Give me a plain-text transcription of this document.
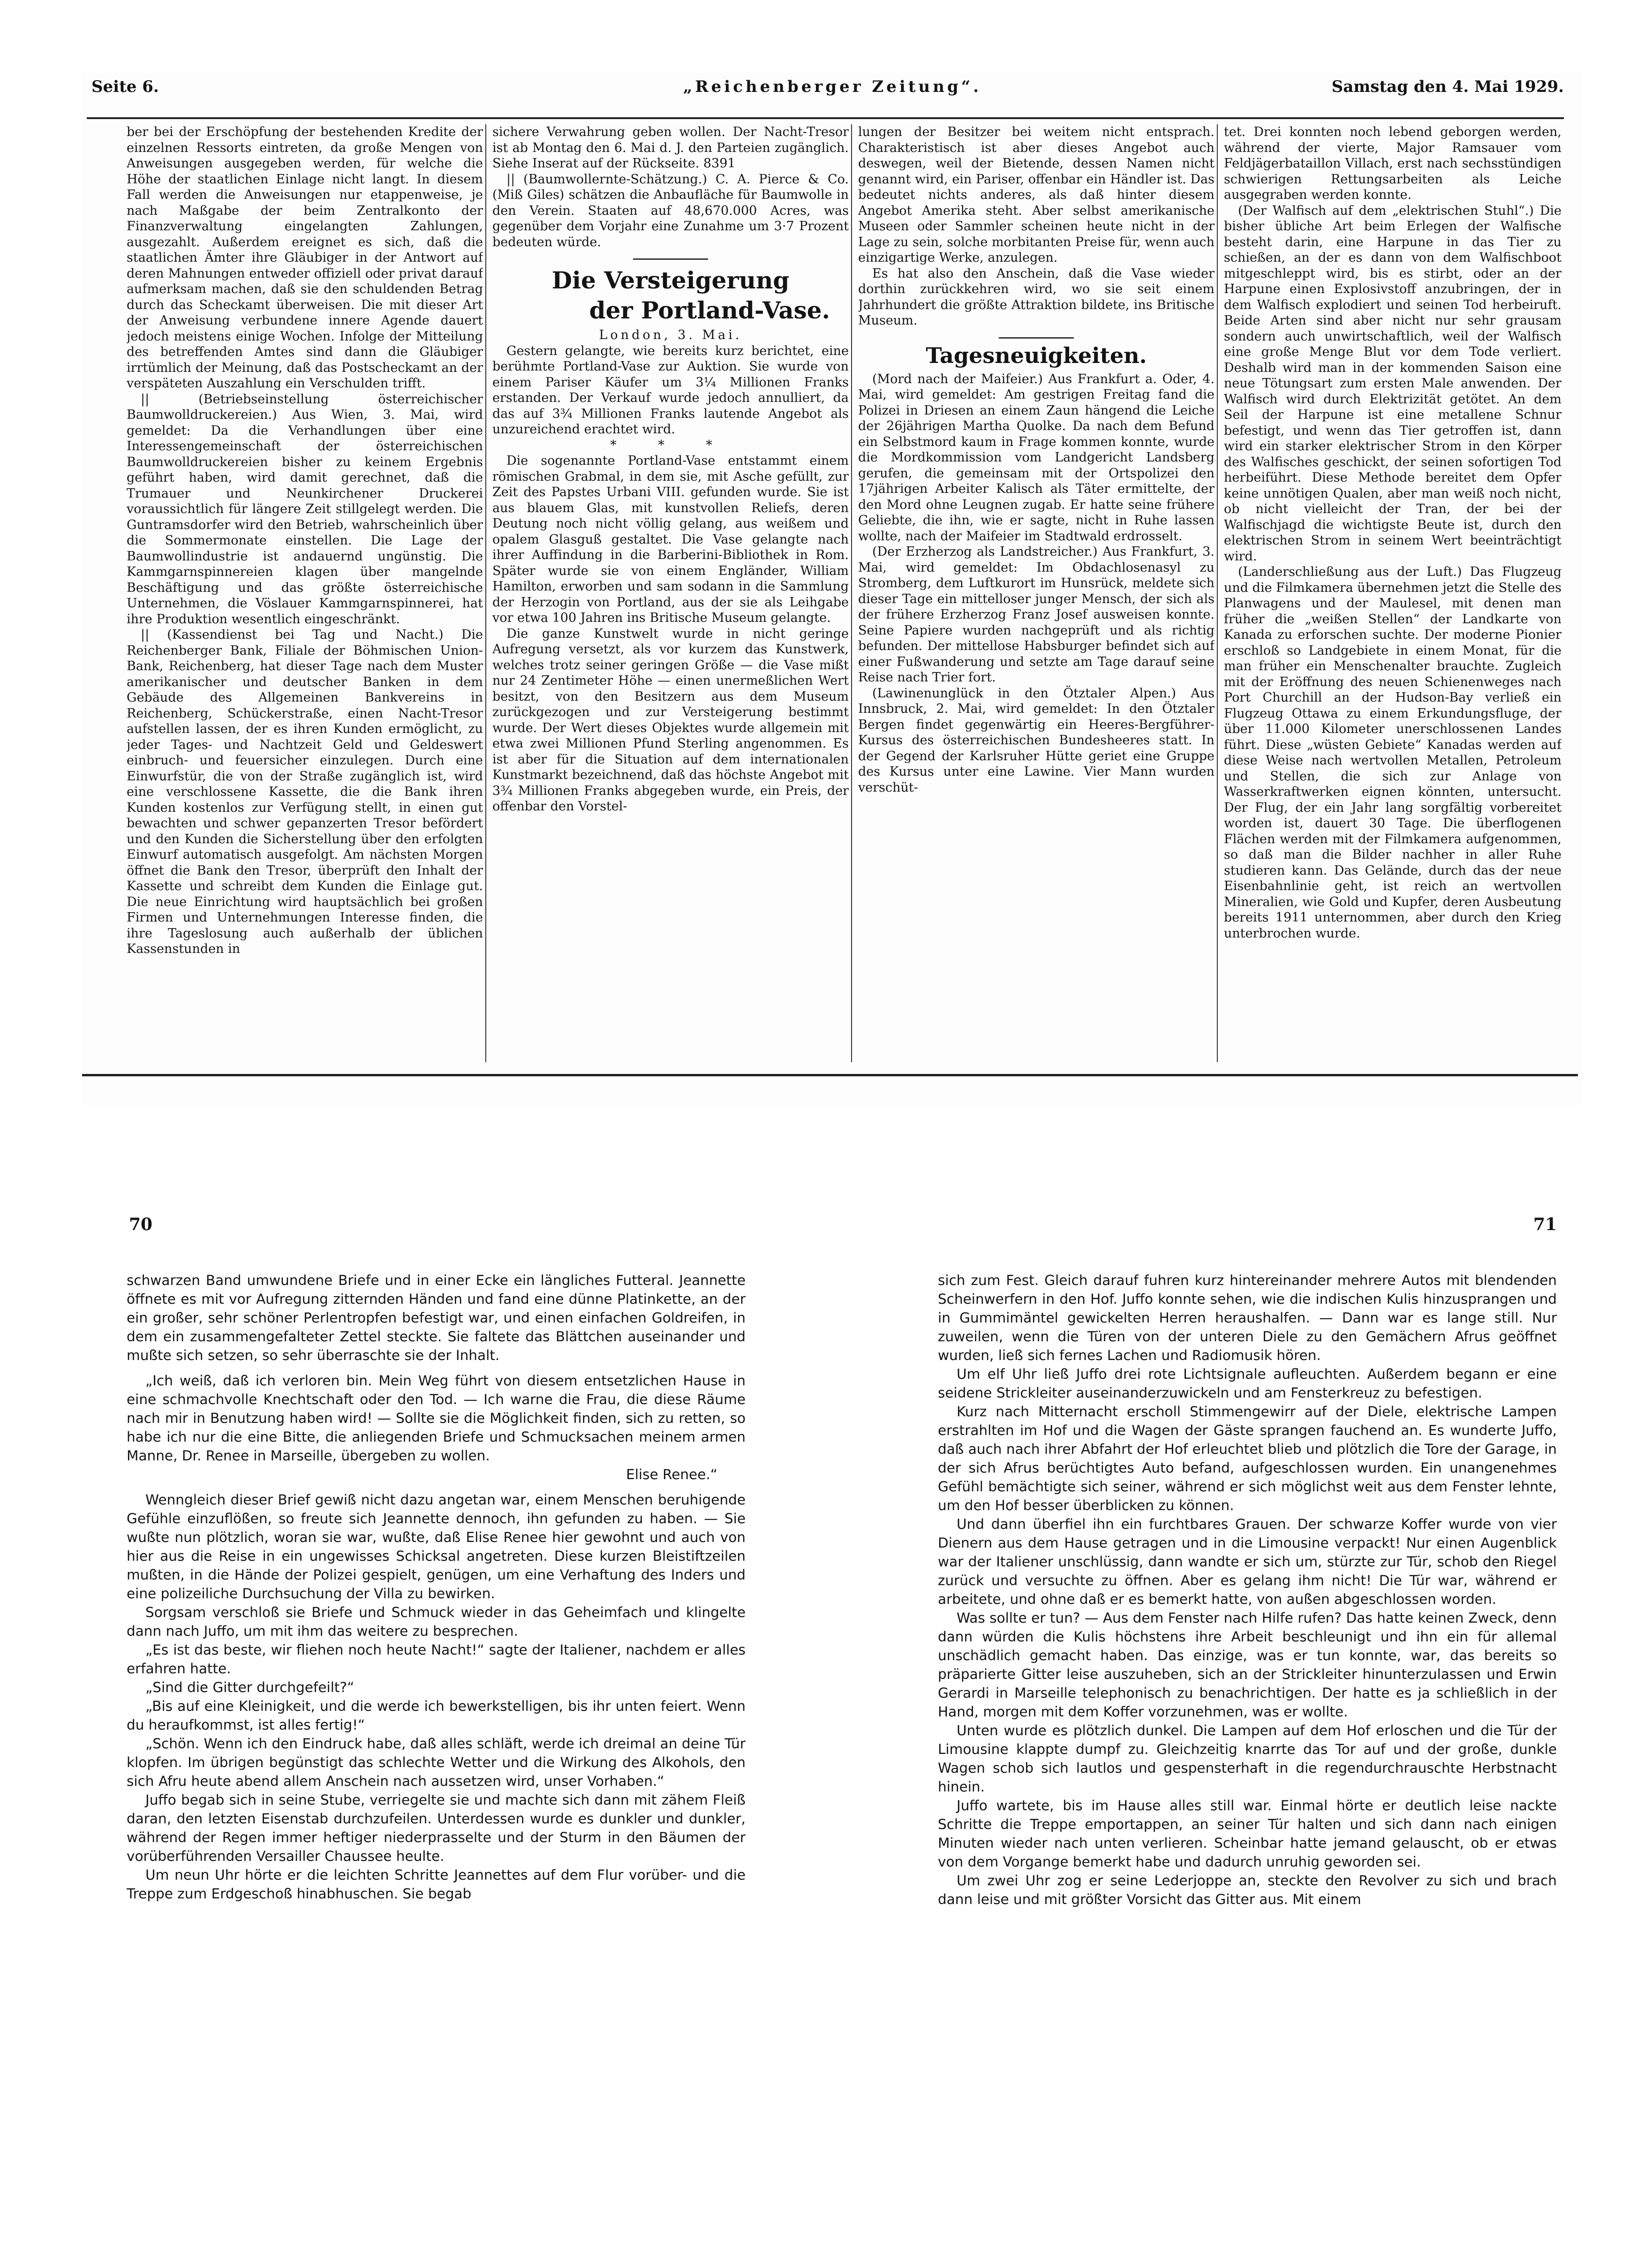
Seite 6.	„Reichenberger Zeitung“.	Samstag den 4. Mai 1929.

ber bei der Erschöpfung der bestehenden Kredite der einzelnen Ressorts eintreten, da große Mengen von Anweisungen ausgegeben werden, für welche die Höhe der staatlichen Einlage nicht langt. In diesem Fall werden die Anweisungen nur etappenweise, je nach Maßgabe der beim Zentralkonto der Finanzverwaltung eingelangten Zahlungen, ausgezahlt. Außerdem ereignet es sich, daß die staatlichen Ämter ihre Gläubiger in der Antwort auf deren Mahnungen entweder offiziell oder privat darauf aufmerksam machen, daß sie den schuldenden Betrag durch das Scheckamt überweisen. Die mit dieser Art der Anweisung verbundene innere Agende dauert jedoch meistens einige Wochen. Infolge der Mitteilung des betreffenden Amtes sind dann die Gläubiger irrtümlich der Meinung, daß das Postscheckamt an der verspäteten Auszahlung ein Verschulden trifft.

|| (Betriebseinstellung österreichischer Baumwolldruckereien.) Aus Wien, 3. Mai, wird gemeldet: Da die Verhandlungen über eine Interessengemeinschaft der österreichischen Baumwolldruckereien bisher zu keinem Ergebnis geführt haben, wird damit gerechnet, daß die Trumauer und Neunkirchener Druckerei voraussichtlich für längere Zeit stillgelegt werden. Die Guntramsdorfer wird den Betrieb, wahrscheinlich über die Sommermonate einstellen. Die Lage der Baumwollindustrie ist andauernd ungünstig. Die Kammgarnspinnereien klagen über mangelnde Beschäftigung und das größte österreichische Unternehmen, die Vöslauer Kammgarnspinnerei, hat ihre Produktion wesentlich eingeschränkt.

|| (Kassendienst bei Tag und Nacht.) Die Reichenberger Bank, Filiale der Böhmischen Union-Bank, Reichenberg, hat dieser Tage nach dem Muster amerikanischer und deutscher Banken in dem Gebäude des Allgemeinen Bankvereins in Reichenberg, Schückerstraße, einen Nacht-Tresor aufstellen lassen, der es ihren Kunden ermöglicht, zu jeder Tages- und Nachtzeit Geld und Geldeswert einbruch- und feuersicher einzulegen. Durch eine Einwurfstür, die von der Straße zugänglich ist, wird eine verschlossene Kassette, die die Bank ihren Kunden kostenlos zur Verfügung stellt, in einen gut bewachten und schwer gepanzerten Tresor befördert und den Kunden die Sicherstellung über den erfolgten Einwurf automatisch ausgefolgt. Am nächsten Morgen öffnet die Bank den Tresor, überprüft den Inhalt der Kassette und schreibt dem Kunden die Einlage gut. Die neue Einrichtung wird hauptsächlich bei großen Firmen und Unternehmungen Interesse finden, die ihre Tageslosung auch außerhalb der üblichen Kassenstunden in

sichere Verwahrung geben wollen. Der Nacht-Tresor ist ab Montag den 6. Mai d. J. den Parteien zugänglich. Siehe Inserat auf der Rückseite. 8391

|| (Baumwollernte-Schätzung.) C. A. Pierce & Co. (Miß Giles) schätzen die Anbaufläche für Baumwolle in den Verein. Staaten auf 48,670.000 Acres, was gegenüber dem Vorjahr eine Zunahme um 3·7 Prozent bedeuten würde.

Die Versteigerung
der Portland-Vase.

London, 3. Mai.

Gestern gelangte, wie bereits kurz berichtet, eine berühmte Portland-Vase zur Auktion. Sie wurde von einem Pariser Käufer um 3¼ Millionen Franks erstanden. Der Verkauf wurde jedoch annulliert, da das auf 3¾ Millionen Franks lautende Angebot als unzureichend erachtet wird.

* * *

Die sogenannte Portland-Vase entstammt einem römischen Grabmal, in dem sie, mit Asche gefüllt, zur Zeit des Papstes Urbani VIII. gefunden wurde. Sie ist aus blauem Glas, mit kunstvollen Reliefs, deren Deutung noch nicht völlig gelang, aus weißem und opalem Glasguß gestaltet. Die Vase gelangte nach ihrer Auffindung in die Barberini-Bibliothek in Rom. Später wurde sie von einem Engländer, William Hamilton, erworben und sam sodann in die Sammlung der Herzogin von Portland, aus der sie als Leihgabe vor etwa 100 Jahren ins Britische Museum gelangte.

Die ganze Kunstwelt wurde in nicht geringe Aufregung versetzt, als vor kurzem das Kunstwerk, welches trotz seiner geringen Größe — die Vase mißt nur 24 Zentimeter Höhe — einen unermeßlichen Wert besitzt, von den Besitzern aus dem Museum zurückgezogen und zur Versteigerung bestimmt wurde. Der Wert dieses Objektes wurde allgemein mit etwa zwei Millionen Pfund Sterling angenommen. Es ist aber für die Situation auf dem internationalen Kunstmarkt bezeichnend, daß das höchste Angebot mit 3¾ Millionen Franks abgegeben wurde, ein Preis, der offenbar den Vorstel-

lungen der Besitzer bei weitem nicht entsprach. Charakteristisch ist aber dieses Angebot auch deswegen, weil der Bietende, dessen Namen nicht genannt wird, ein Pariser, offenbar ein Händler ist. Das bedeutet nichts anderes, als daß hinter diesem Angebot Amerika steht. Aber selbst amerikanische Museen oder Sammler scheinen heute nicht in der Lage zu sein, solche morbitanten Preise für, wenn auch einzigartige Werke, anzulegen.

Es hat also den Anschein, daß die Vase wieder dorthin zurückkehren wird, wo sie seit einem Jahrhundert die größte Attraktion bildete, ins Britische Museum.

Tagesneuigkeiten.

(Mord nach der Maifeier.) Aus Frankfurt a. Oder, 4. Mai, wird gemeldet: Am gestrigen Freitag fand die Polizei in Driesen an einem Zaun hängend die Leiche der 26jährigen Martha Quolke. Da nach dem Befund ein Selbstmord kaum in Frage kommen konnte, wurde die Mordkommission vom Landgericht Landsberg gerufen, die gemeinsam mit der Ortspolizei den 17jährigen Arbeiter Kalisch als Täter ermittelte, der den Mord ohne Leugnen zugab. Er hatte seine frühere Geliebte, die ihn, wie er sagte, nicht in Ruhe lassen wollte, nach der Maifeier im Stadtwald erdrosselt.

(Der Erzherzog als Landstreicher.) Aus Frankfurt, 3. Mai, wird gemeldet: Im Obdachlosenasyl zu Stromberg, dem Luftkurort im Hunsrück, meldete sich dieser Tage ein mittelloser junger Mensch, der sich als der frühere Erzherzog Franz Josef ausweisen konnte. Seine Papiere wurden nachgeprüft und als richtig befunden. Der mittellose Habsburger befindet sich auf einer Fußwanderung und setzte am Tage darauf seine Reise nach Trier fort.

(Lawinenunglück in den Ötztaler Alpen.) Aus Innsbruck, 2. Mai, wird gemeldet: In den Ötztaler Bergen findet gegenwärtig ein Heeres-Bergführer-Kursus des österreichischen Bundesheeres statt. In der Gegend der Karlsruher Hütte geriet eine Gruppe des Kursus unter eine Lawine. Vier Mann wurden verschüt-

tet. Drei konnten noch lebend geborgen werden, während der vierte, Major Ramsauer vom Feldjägerbataillon Villach, erst nach sechsstündigen schwierigen Rettungsarbeiten als Leiche ausgegraben werden konnte.

(Der Walfisch auf dem „elektrischen Stuhl“.) Die bisher übliche Art beim Erlegen der Walfische besteht darin, eine Harpune in das Tier zu schießen, an der es dann von dem Walfischboot mitgeschleppt wird, bis es stirbt, oder an der Harpune einen Explosivstoff anzubringen, der in dem Walfisch explodiert und seinen Tod herbeiruft. Beide Arten sind aber nicht nur sehr grausam sondern auch unwirtschaftlich, weil der Walfisch eine große Menge Blut vor dem Tode verliert. Deshalb wird man in der kommenden Saison eine neue Tötungsart zum ersten Male anwenden. Der Walfisch wird durch Elektrizität getötet. An dem Seil der Harpune ist eine metallene Schnur befestigt, und wenn das Tier getroffen ist, dann wird ein starker elektrischer Strom in den Körper des Walfisches geschickt, der seinen sofortigen Tod herbeiführt. Diese Methode bereitet dem Opfer keine unnötigen Qualen, aber man weiß noch nicht, ob nicht vielleicht der Tran, der bei der Walfischjagd die wichtigste Beute ist, durch den elektrischen Strom in seinem Wert beeinträchtigt wird.

(Landerschließung aus der Luft.) Das Flugzeug und die Filmkamera übernehmen jetzt die Stelle des Planwagens und der Maulesel, mit denen man früher die „weißen Stellen“ der Landkarte von Kanada zu erforschen suchte. Der moderne Pionier erschloß so Landgebiete in einem Monat, für die man früher ein Menschenalter brauchte. Zugleich mit der Eröffnung des neuen Schienenweges nach Port Churchill an der Hudson-Bay verließ ein Flugzeug Ottawa zu einem Erkundungsfluge, der über 11.000 Kilometer unerschlossenen Landes führt. Diese „wüsten Gebiete“ Kanadas werden auf diese Weise nach wertvollen Metallen, Petroleum und Stellen, die sich zur Anlage von Wasserkraftwerken eignen könnten, untersucht. Der Flug, der ein Jahr lang sorgfältig vorbereitet worden ist, dauert 30 Tage. Die überflogenen Flächen werden mit der Filmkamera aufgenommen, so daß man die Bilder nachher in aller Ruhe studieren kann. Das Gelände, durch das der neue Eisenbahnlinie geht, ist reich an wertvollen Mineralien, wie Gold und Kupfer, deren Ausbeutung bereits 1911 unternommen, aber durch den Krieg unterbrochen wurde.

70	71

schwarzen Band umwundene Briefe und in einer Ecke ein längliches Futteral. Jeannette öffnete es mit vor Aufregung zitternden Händen und fand eine dünne Platinkette, an der ein großer, sehr schöner Perlentropfen befestigt war, und einen einfachen Goldreifen, in dem ein zusammengefalteter Zettel steckte. Sie faltete das Blättchen auseinander und mußte sich setzen, so sehr überraschte sie der Inhalt.

„Ich weiß, daß ich verloren bin. Mein Weg führt von diesem entsetzlichen Hause in eine schmachvolle Knechtschaft oder den Tod. — Ich warne die Frau, die diese Räume nach mir in Benutzung haben wird! — Sollte sie die Möglichkeit finden, sich zu retten, so habe ich nur die eine Bitte, die anliegenden Briefe und Schmucksachen meinem armen Manne, Dr. Renee in Marseille, übergeben zu wollen.

Elise Renee.“

Wenngleich dieser Brief gewiß nicht dazu angetan war, einem Menschen beruhigende Gefühle einzuflößen, so freute sich Jeannette dennoch, ihn gefunden zu haben. — Sie wußte nun plötzlich, woran sie war, wußte, daß Elise Renee hier gewohnt und auch von hier aus die Reise in ein ungewisses Schicksal angetreten. Diese kurzen Bleistiftzeilen mußten, in die Hände der Polizei gespielt, genügen, um eine Verhaftung des Inders und eine polizeiliche Durchsuchung der Villa zu bewirken.

Sorgsam verschloß sie Briefe und Schmuck wieder in das Geheimfach und klingelte dann nach Juffo, um mit ihm das weitere zu besprechen.

„Es ist das beste, wir fliehen noch heute Nacht!“ sagte der Italiener, nachdem er alles erfahren hatte.

„Sind die Gitter durchgefeilt?“

„Bis auf eine Kleinigkeit, und die werde ich bewerkstelligen, bis ihr unten feiert. Wenn du heraufkommst, ist alles fertig!“

„Schön. Wenn ich den Eindruck habe, daß alles schläft, werde ich dreimal an deine Tür klopfen. Im übrigen begünstigt das schlechte Wetter und die Wirkung des Alkohols, den sich Afru heute abend allem Anschein nach aussetzen wird, unser Vorhaben.“

Juffo begab sich in seine Stube, verriegelte sie und machte sich dann mit zähem Fleiß daran, den letzten Eisenstab durchzufeilen. Unterdessen wurde es dunkler und dunkler, während der Regen immer heftiger niederprasselte und der Sturm in den Bäumen der vorüberführenden Versailler Chaussee heulte.

Um neun Uhr hörte er die leichten Schritte Jeannettes auf dem Flur vorüber- und die Treppe zum Erdgeschoß hinabhuschen. Sie begab

sich zum Fest. Gleich darauf fuhren kurz hintereinander mehrere Autos mit blendenden Scheinwerfern in den Hof. Juffo konnte sehen, wie die indischen Kulis hinzusprangen und in Gummimäntel gewickelten Herren heraushalfen. — Dann war es lange still. Nur zuweilen, wenn die Türen von der unteren Diele zu den Gemächern Afrus geöffnet wurden, ließ sich fernes Lachen und Radiomusik hören.

Um elf Uhr ließ Juffo drei rote Lichtsignale aufleuchten. Außerdem begann er eine seidene Strickleiter auseinanderzuwickeln und am Fensterkreuz zu befestigen.

Kurz nach Mitternacht erscholl Stimmengewirr auf der Diele, elektrische Lampen erstrahlten im Hof und die Wagen der Gäste sprangen fauchend an. Es wunderte Juffo, daß auch nach ihrer Abfahrt der Hof erleuchtet blieb und plötzlich die Tore der Garage, in der sich Afrus berüchtigtes Auto befand, aufgeschlossen wurden. Ein unangenehmes Gefühl bemächtigte sich seiner, während er sich möglichst weit aus dem Fenster lehnte, um den Hof besser überblicken zu können.

Und dann überfiel ihn ein furchtbares Grauen. Der schwarze Koffer wurde von vier Dienern aus dem Hause getragen und in die Limousine verpackt! Nur einen Augenblick war der Italiener unschlüssig, dann wandte er sich um, stürzte zur Tür, schob den Riegel zurück und versuchte zu öffnen. Aber es gelang ihm nicht! Die Tür war, während er arbeitete, und ohne daß er es bemerkt hatte, von außen abgeschlossen worden.

Was sollte er tun? — Aus dem Fenster nach Hilfe rufen? Das hatte keinen Zweck, denn dann würden die Kulis höchstens ihre Arbeit beschleunigt und ihn ein für allemal unschädlich gemacht haben. Das einzige, was er tun konnte, war, das bereits so präparierte Gitter leise auszuheben, sich an der Strickleiter hinunterzulassen und Erwin Gerardi in Marseille telephonisch zu benachrichtigen. Der hatte es ja schließlich in der Hand, morgen mit dem Koffer vorzunehmen, was er wollte.

Unten wurde es plötzlich dunkel. Die Lampen auf dem Hof erloschen und die Tür der Limousine klappte dumpf zu. Gleichzeitig knarrte das Tor auf und der große, dunkle Wagen schob sich lautlos und gespensterhaft in die regendurchrauschte Herbstnacht hinein.

Juffo wartete, bis im Hause alles still war. Einmal hörte er deutlich leise nackte Schritte die Treppe emportappen, an seiner Tür halten und sich dann nach einigen Minuten wieder nach unten verlieren. Scheinbar hatte jemand gelauscht, ob er etwas von dem Vorgange bemerkt habe und dadurch unruhig geworden sei.

Um zwei Uhr zog er seine Lederjoppe an, steckte den Revolver zu sich und brach dann leise und mit größter Vorsicht das Gitter aus. Mit einem
